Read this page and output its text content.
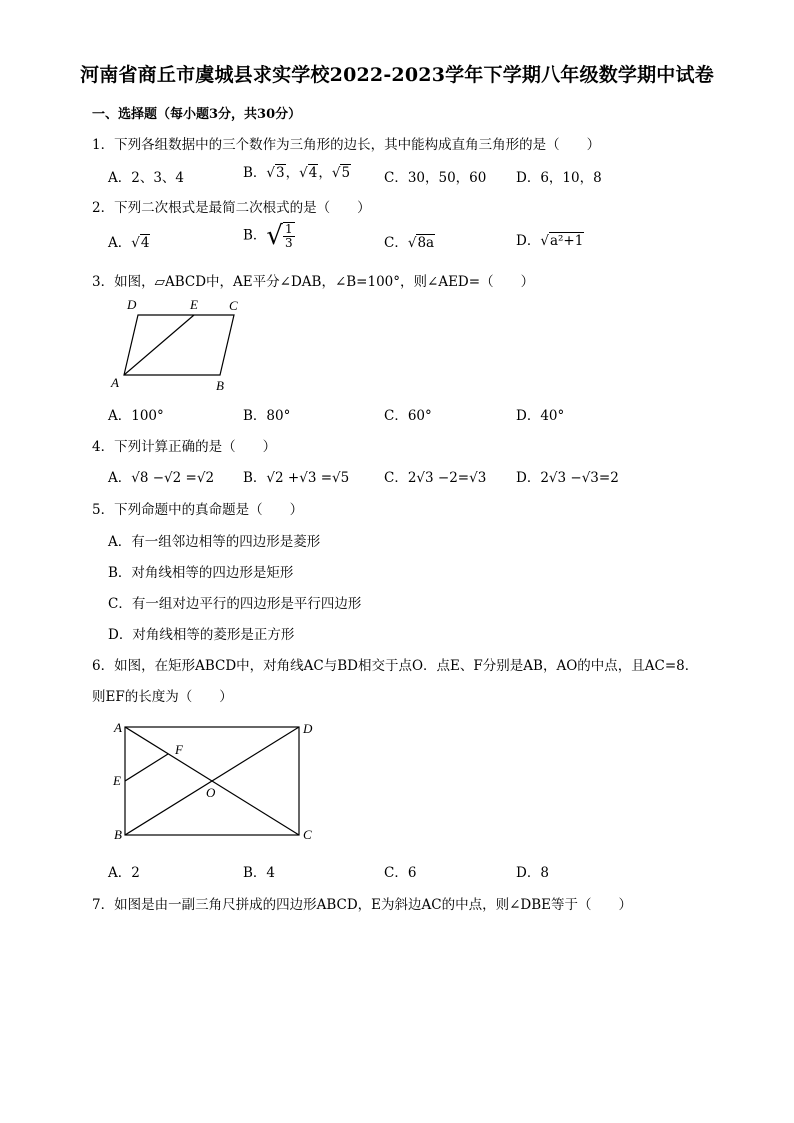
河南省商丘市虞城县求实学校2022-2023学年下学期八年级数学期中试卷
一、选择题（每小题3分，共30分）
1．下列各组数据中的三个数作为三角形的边长，其中能构成直角三角形的是（　　）
A．2、3、4	B．√3，√4，√5	C．30，50，60 D．6，10，8
2．下列二次根式是最简二次根式的是（　　）
A．√4	B．√ $\frac{1}{3}$	C．√8a	D．√a²+1
3．如图，▱ABCD中，AE平分∠DAB，∠B=100°，则∠AED=（　　）
D	E C
A	B
A．100°	B．80°	C．60°	D．40°
4．下列计算正确的是（　　）
A．√8 −√2 =√2 B．√2 +√3 =√5	C．2√3 −2=√3 D．2√3 −√3=2
5．下列命题中的真命题是（　　）
A．有一组邻边相等的四边形是菱形
B．对角线相等的四边形是矩形
C．有一组对边平行的四边形是平行四边形
D．对角线相等的菱形是正方形
6．如图，在矩形ABCD中，对角线AC与BD相交于点O．点E、F分别是AB，AO的中点，且AC=8．
则EF的长度为（　　）
A	D
F
E
O
B	C
A．2	B．4	C．6	D．8
7．如图是由一副三角尺拼成的四边形ABCD，E为斜边AC的中点，则∠DBE等于（　　）
